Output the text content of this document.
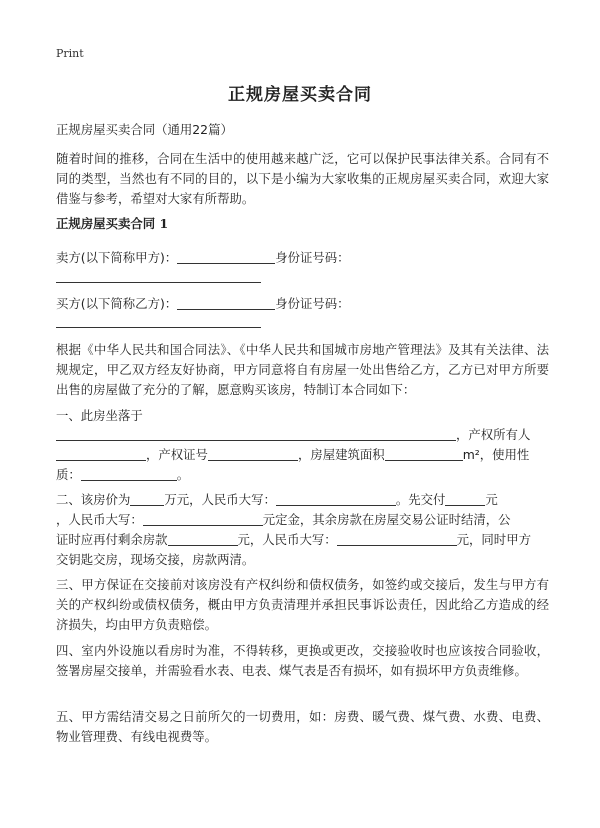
Print
正规房屋买卖合同
正规房屋买卖合同（通用22篇）
随着时间的推移，合同在生活中的使用越来越广泛，它可以保护民事法律关系。合同有不同的类型，当然也有不同的目的，以下是小编为大家收集的正规房屋买卖合同，欢迎大家借鉴与参考，希望对大家有所帮助。
正规房屋买卖合同 1
卖方(以下简称甲方)：	身份证号码：
买方(以下简称乙方)：	身份证号码：
根据《中华人民共和国合同法》、《中华人民共和国城市房地产管理法》及其有关法律、法规规定，甲乙双方经友好协商，甲方同意将自有房屋一处出售给乙方，乙方已对甲方所要出售的房屋做了充分的了解，愿意购买该房，特制订本合同如下：
一、此房坐落于
，产权所有人
，产权证号	，房屋建筑面积	m²，使用性
质：	。
二、该房价为	万元，人民币大写：	。先交付	元
，人民币大写：	元定金，其余房款在房屋交易公证时结清，公
证时应再付剩余房款	元，人民币大写：	元，同时甲方
交钥匙交房，现场交接，房款两清。
三、甲方保证在交接前对该房没有产权纠纷和债权债务，如签约或交接后，发生与甲方有关的产权纠纷或债权债务，概由甲方负责清理并承担民事诉讼责任，因此给乙方造成的经济损失，均由甲方负责赔偿。
四、室内外设施以看房时为准，不得转移，更换或更改，交接验收时也应该按合同验收，签署房屋交接单，并需验看水表、电表、煤气表是否有损坏，如有损坏甲方负责维修。
五、甲方需结清交易之日前所欠的一切费用，如：房费、暖气费、煤气费、水费、电费、物业管理费、有线电视费等。
